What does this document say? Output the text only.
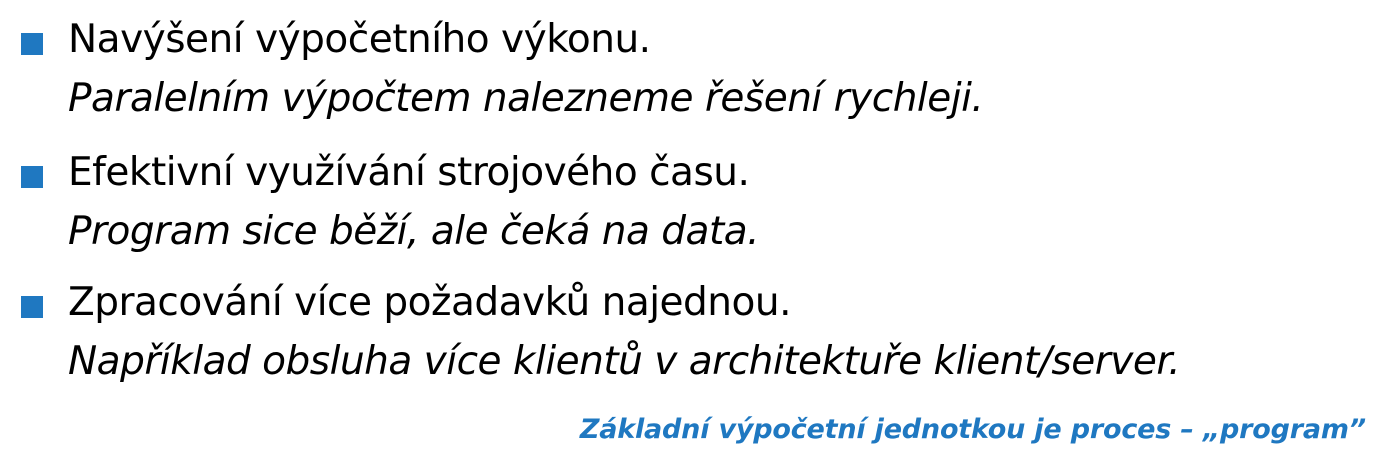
Navýšení výpočetního výkonu.
Paralelním výpočtem nalezneme řešení rychleji.
Efektivní využívání strojového času.
Program sice běží, ale čeká na data.
Zpracování více požadavků najednou.
Například obsluha více klientů v architektuře klient/server.
Základní výpočetní jednotkou je proces – „program”
